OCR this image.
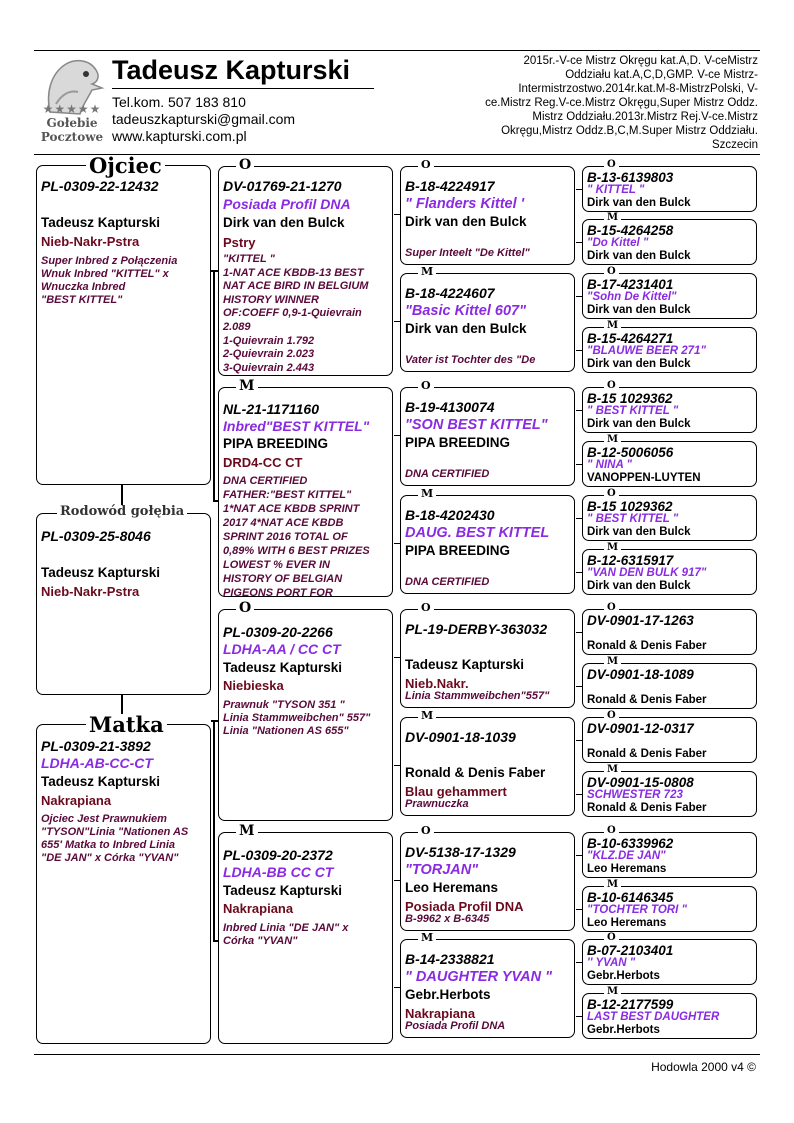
★★★★★
Gołebie
Pocztowe
Tadeusz Kapturski
Tel.kom. 507 183 810
tadeuszkapturski@gmail.com
www.kapturski.com.pl
2015r.-V-ce Mistrz Okręgu kat.A,D. V-ceMistrz Oddziału kat.A,C,D,GMP. V-ce Mistrz-Intermistrzostwo.2014r.kat.M-8-MistrzPolski, V-ce.Mistrz Reg.V-ce.Mistrz Okręgu,Super Mistrz Oddz. Mistrz Oddziału.2013r.Mistrz Rej.V-ce.Mistrz Okręgu,Mistrz Oddz.B,C,M.Super Mistrz Oddziału. Szczecin
PL-0309-22-12432
Tadeusz Kapturski
Nieb-Nakr-Pstra
Super Inbred z Połączenia
Wnuk Inbred "KITTEL" x
Wnuczka Inbred
"BEST KITTEL"
Ojciec
PL-0309-25-8046
Tadeusz Kapturski
Nieb-Nakr-Pstra
Rodowód gołębia
PL-0309-21-3892
LDHA-AB-CC-CT
Tadeusz Kapturski
Nakrapiana
Ojciec Jest Prawnukiem
"TYSON"Linia "Nationen AS
655' Matka to Inbred Linia
"DE JAN" x Córka "YVAN"
Matka
DV-01769-21-1270
Posiada Profil DNA
Dirk van den Bulck
Pstry
"KITTEL "
1-NAT ACE KBDB-13 BEST
NAT ACE BIRD IN BELGIUM
HISTORY WINNER
OF:COEFF 0,9-1-Quievrain
2.089
1-Quievrain 1.792
2-Quievrain 2.023
3-Quievrain 2.443
O
NL-21-1171160
Inbred"BEST KITTEL"
PIPA BREEDING
DRD4-CC CT
DNA CERTIFIED
FATHER:"BEST KITTEL"
1*NAT ACE KBDB SPRINT
2017 4*NAT ACE KBDB
SPRINT 2016 TOTAL OF
0,89% WITH 6 BEST PRIZES
LOWEST % EVER IN
HISTORY OF BELGIAN
PIGEONS PORT FOR
M
PL-0309-20-2266
LDHA-AA / CC CT
Tadeusz Kapturski
Niebieska
Prawnuk "TYSON 351 "
Linia Stammweibchen" 557"
Linia "Nationen AS 655"
O
PL-0309-20-2372
LDHA-BB CC CT
Tadeusz Kapturski
Nakrapiana
Inbred Linia "DE JAN" x
Córka "YVAN"
M
B-18-4224917
" Flanders Kittel '
Dirk van den Bulck
Super Inteelt "De Kittel"
O
B-18-4224607
"Basic Kittel 607"
Dirk van den Bulck
Vater ist Tochter des "De
M
B-19-4130074
"SON BEST KITTEL"
PIPA BREEDING
DNA CERTIFIED
O
B-18-4202430
DAUG. BEST KITTEL
PIPA BREEDING
DNA CERTIFIED
M
PL-19-DERBY-363032
Tadeusz Kapturski
Nieb.Nakr.
Linia Stammweibchen"557"
O
DV-0901-18-1039
Ronald & Denis Faber
Blau gehammert
Prawnuczka
M
DV-5138-17-1329
"TORJAN"
Leo Heremans
Posiada Profil DNA
B-9962 x B-6345
O
B-14-2338821
" DAUGHTER YVAN "
Gebr.Herbots
Nakrapiana
Posiada Profil DNA
M
B-13-6139803
" KITTEL "
Dirk van den Bulck
O
B-15-4264258
"Do Kittel "
Dirk van den Bulck
M
B-17-4231401
"Sohn De Kittel"
Dirk van den Bulck
O
B-15-4264271
"BLAUWE BEER 271"
Dirk van den Bulck
M
B-15 1029362
" BEST KITTEL "
Dirk van den Bulck
O
B-12-5006056
" NINA "
VANOPPEN-LUYTEN
M
B-15 1029362
" BEST KITTEL "
Dirk van den Bulck
O
B-12-6315917
"VAN DEN BULK 917"
Dirk van den Bulck
M
DV-0901-17-1263
Ronald & Denis Faber
O
DV-0901-18-1089
Ronald & Denis Faber
M
DV-0901-12-0317
Ronald & Denis Faber
O
DV-0901-15-0808
SCHWESTER 723
Ronald & Denis Faber
M
B-10-6339962
"KLZ.DE JAN"
Leo Heremans
O
B-10-6146345
"TOCHTER TORI "
Leo Heremans
M
B-07-2103401
'' YVAN "
Gebr.Herbots
O
B-12-2177599
LAST BEST DAUGHTER
Gebr.Herbots
M
Hodowla 2000 v4 ©
